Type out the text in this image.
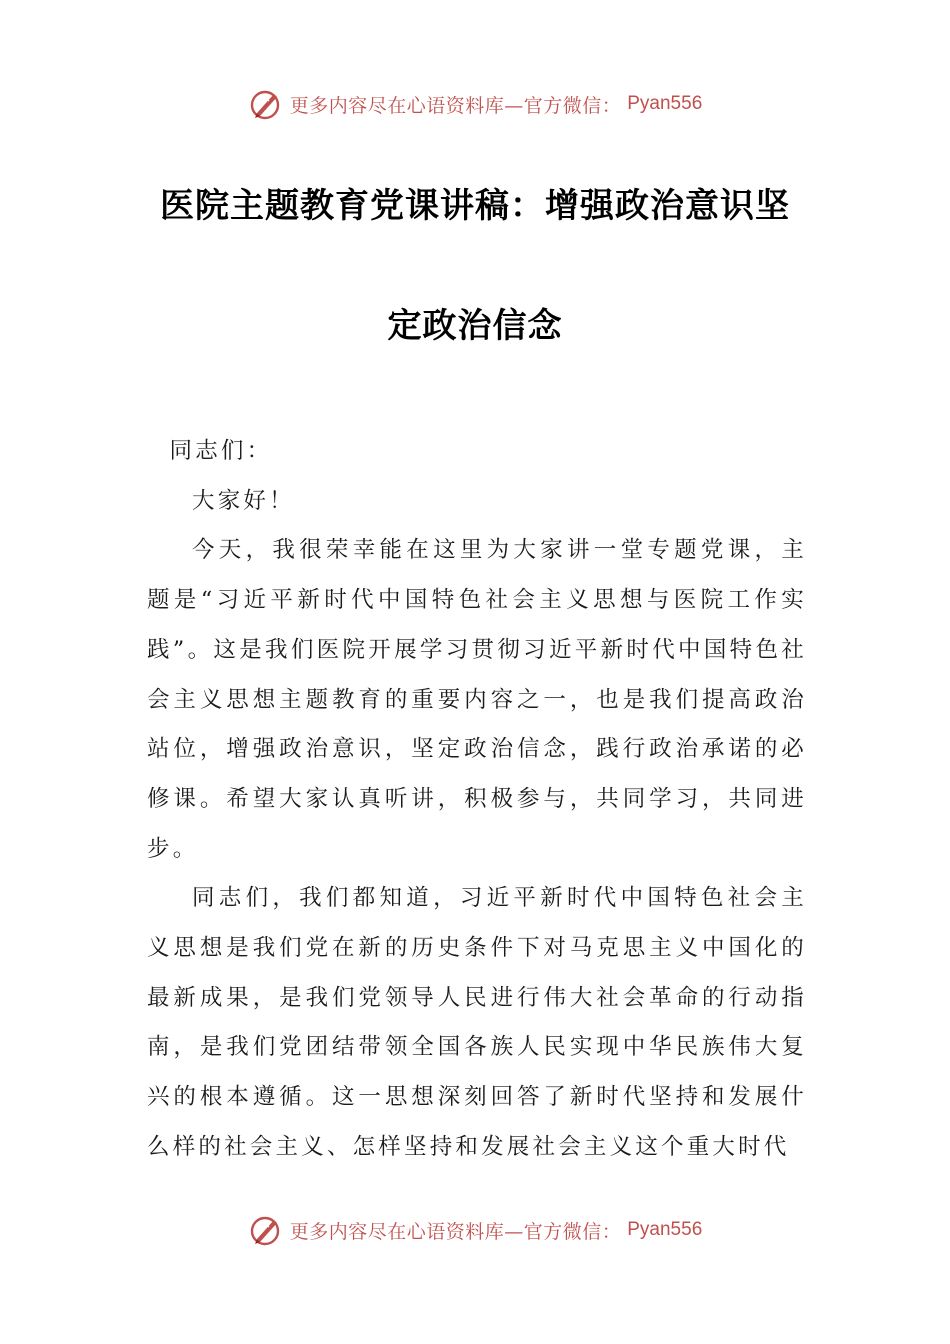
更多内容尽在心语资料库—官方微信： Pyan556
医院主题教育党课讲稿：增强政治意识坚
定政治信念

同志们：

大家好！

今天，我很荣幸能在这里为大家讲一堂专题党课，主题是“习近平新时代中国特色社会主义思想与医院工作实践”。这是我们医院开展学习贯彻习近平新时代中国特色社会主义思想主题教育的重要内容之一，也是我们提高政治站位，增强政治意识，坚定政治信念，践行政治承诺的必修课。希望大家认真听讲，积极参与，共同学习，共同进步。

同志们，我们都知道，习近平新时代中国特色社会主义思想是我们党在新的历史条件下对马克思主义中国化的最新成果，是我们党领导人民进行伟大社会革命的行动指南，是我们党团结带领全国各族人民实现中华民族伟大复兴的根本遵循。这一思想深刻回答了新时代坚持和发展什么样的社会主义、怎样坚持和发展社会主义这个重大时代

更多内容尽在心语资料库—官方微信： Pyan556
